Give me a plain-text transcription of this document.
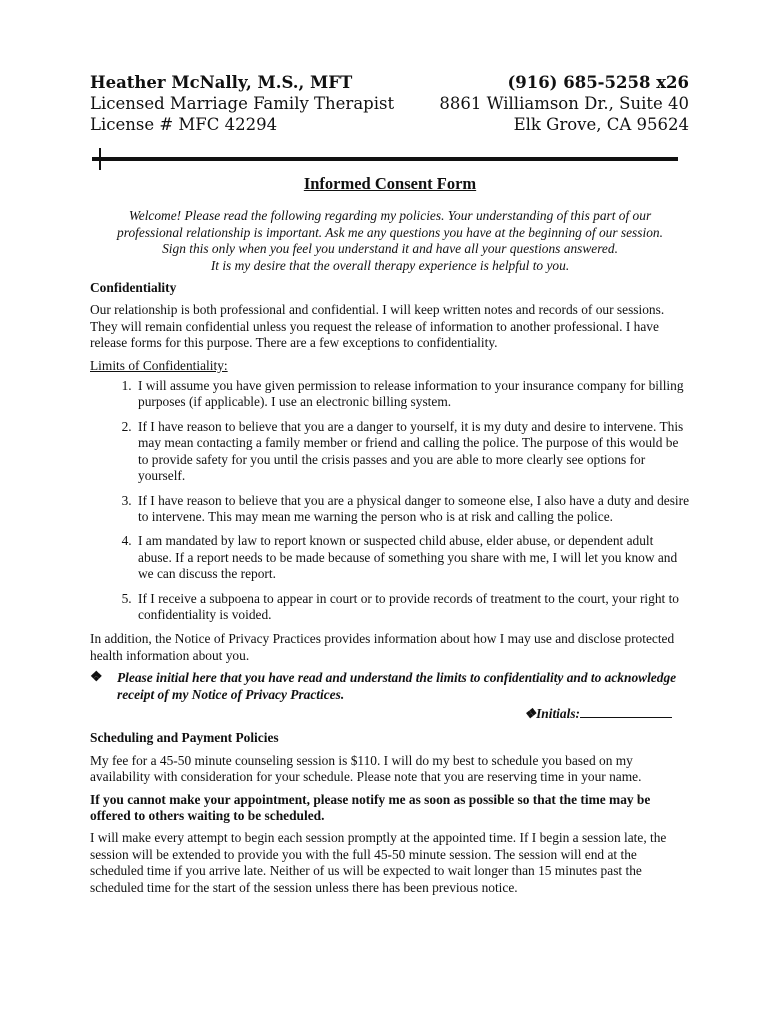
Heather McNally, M.S., MFT
Licensed Marriage Family Therapist
License # MFC 42294
(916) 685-5258 x26
8861 Williamson Dr., Suite 40
Elk Grove, CA 95624
Informed Consent Form
Welcome! Please read the following regarding my policies. Your understanding of this part of our
professional relationship is important. Ask me any questions you have at the beginning of our session.
Sign this only when you feel you understand it and have all your questions answered.
It is my desire that the overall therapy experience is helpful to you.
Confidentiality

Our relationship is both professional and confidential. I will keep written notes and records of our sessions. They will remain confidential unless you request the release of information to another professional. I have release forms for this purpose. There are a few exceptions to confidentiality.

Limits of Confidentiality:
1. I will assume you have given permission to release information to your insurance company for billing purposes (if applicable). I use an electronic billing system.
2. If I have reason to believe that you are a danger to yourself, it is my duty and desire to intervene. This may mean contacting a family member or friend and calling the police. The purpose of this would be to provide safety for you until the crisis passes and you are able to more clearly see options for yourself.
3. If I have reason to believe that you are a physical danger to someone else, I also have a duty and desire to intervene. This may mean me warning the person who is at risk and calling the police.
4. I am mandated by law to report known or suspected child abuse, elder abuse, or dependent adult abuse. If a report needs to be made because of something you share with me, I will let you know and we can discuss the report.
5. If I receive a subpoena to appear in court or to provide records of treatment to the court, your right to confidentiality is voided.

In addition, the Notice of Privacy Practices provides information about how I may use and disclose protected health information about you.

❖	Please initial here that you have read and understand the limits to confidentiality and to acknowledge receipt of my Notice of Privacy Practices.
❖Initials:
Scheduling and Payment Policies

My fee for a 45-50 minute counseling session is $110. I will do my best to schedule you based on my availability with consideration for your schedule. Please note that you are reserving time in your name.

If you cannot make your appointment, please notify me as soon as possible so that the time may be offered to others waiting to be scheduled.

I will make every attempt to begin each session promptly at the appointed time. If I begin a session late, the session will be extended to provide you with the full 45-50 minute session. The session will end at the scheduled time if you arrive late. Neither of us will be expected to wait longer than 15 minutes past the scheduled time for the start of the session unless there has been previous notice.
